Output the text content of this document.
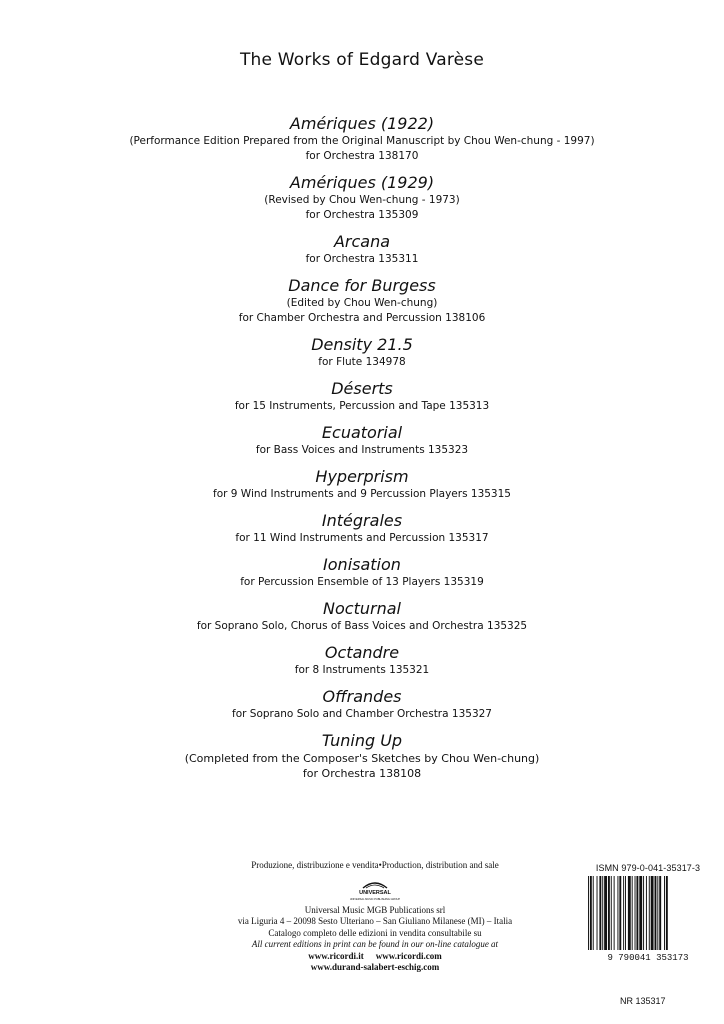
The Works of Edgard Varèse
Amériques (1922)
(Performance Edition Prepared from the Original Manuscript by Chou Wen-chung - 1997)
for Orchestra 138170
Amériques (1929)
(Revised by Chou Wen-chung - 1973)
for Orchestra 135309
Arcana
for Orchestra 135311
Dance for Burgess
(Edited by Chou Wen-chung)
for Chamber Orchestra and Percussion 138106
Density 21.5
for Flute 134978
Déserts
for 15 Instruments, Percussion and Tape 135313
Ecuatorial
for Bass Voices and Instruments 135323
Hyperprism
for 9 Wind Instruments and 9 Percussion Players 135315
Intégrales
for 11 Wind Instruments and Percussion 135317
Ionisation
for Percussion Ensemble of 13 Players 135319
Nocturnal
for Soprano Solo, Chorus of Bass Voices and Orchestra 135325
Octandre
for 8 Instruments 135321
Offrandes
for Soprano Solo and Chamber Orchestra 135327
Tuning Up
(Completed from the Composer's Sketches by Chou Wen-chung)
for Orchestra 138108
Produzione, distribuzione e vendita•Production, distribution and sale
UNIVERSAL
UNIVERSAL MUSIC PUBLISHING GROUP
Universal Music MGB Publications srl
via Liguria 4 – 20098 Sesto Ulteriano – San Giuliano Milanese (MI) – Italia
Catalogo completo delle edizioni in vendita consultabile su
All current editions in print can be found in our on-line catalogue at
www.ricordi.it www.ricordi.com
www.durand-salabert-eschig.com
ISMN 979-0-041-35317-3
9 790041 353173
NR 135317
